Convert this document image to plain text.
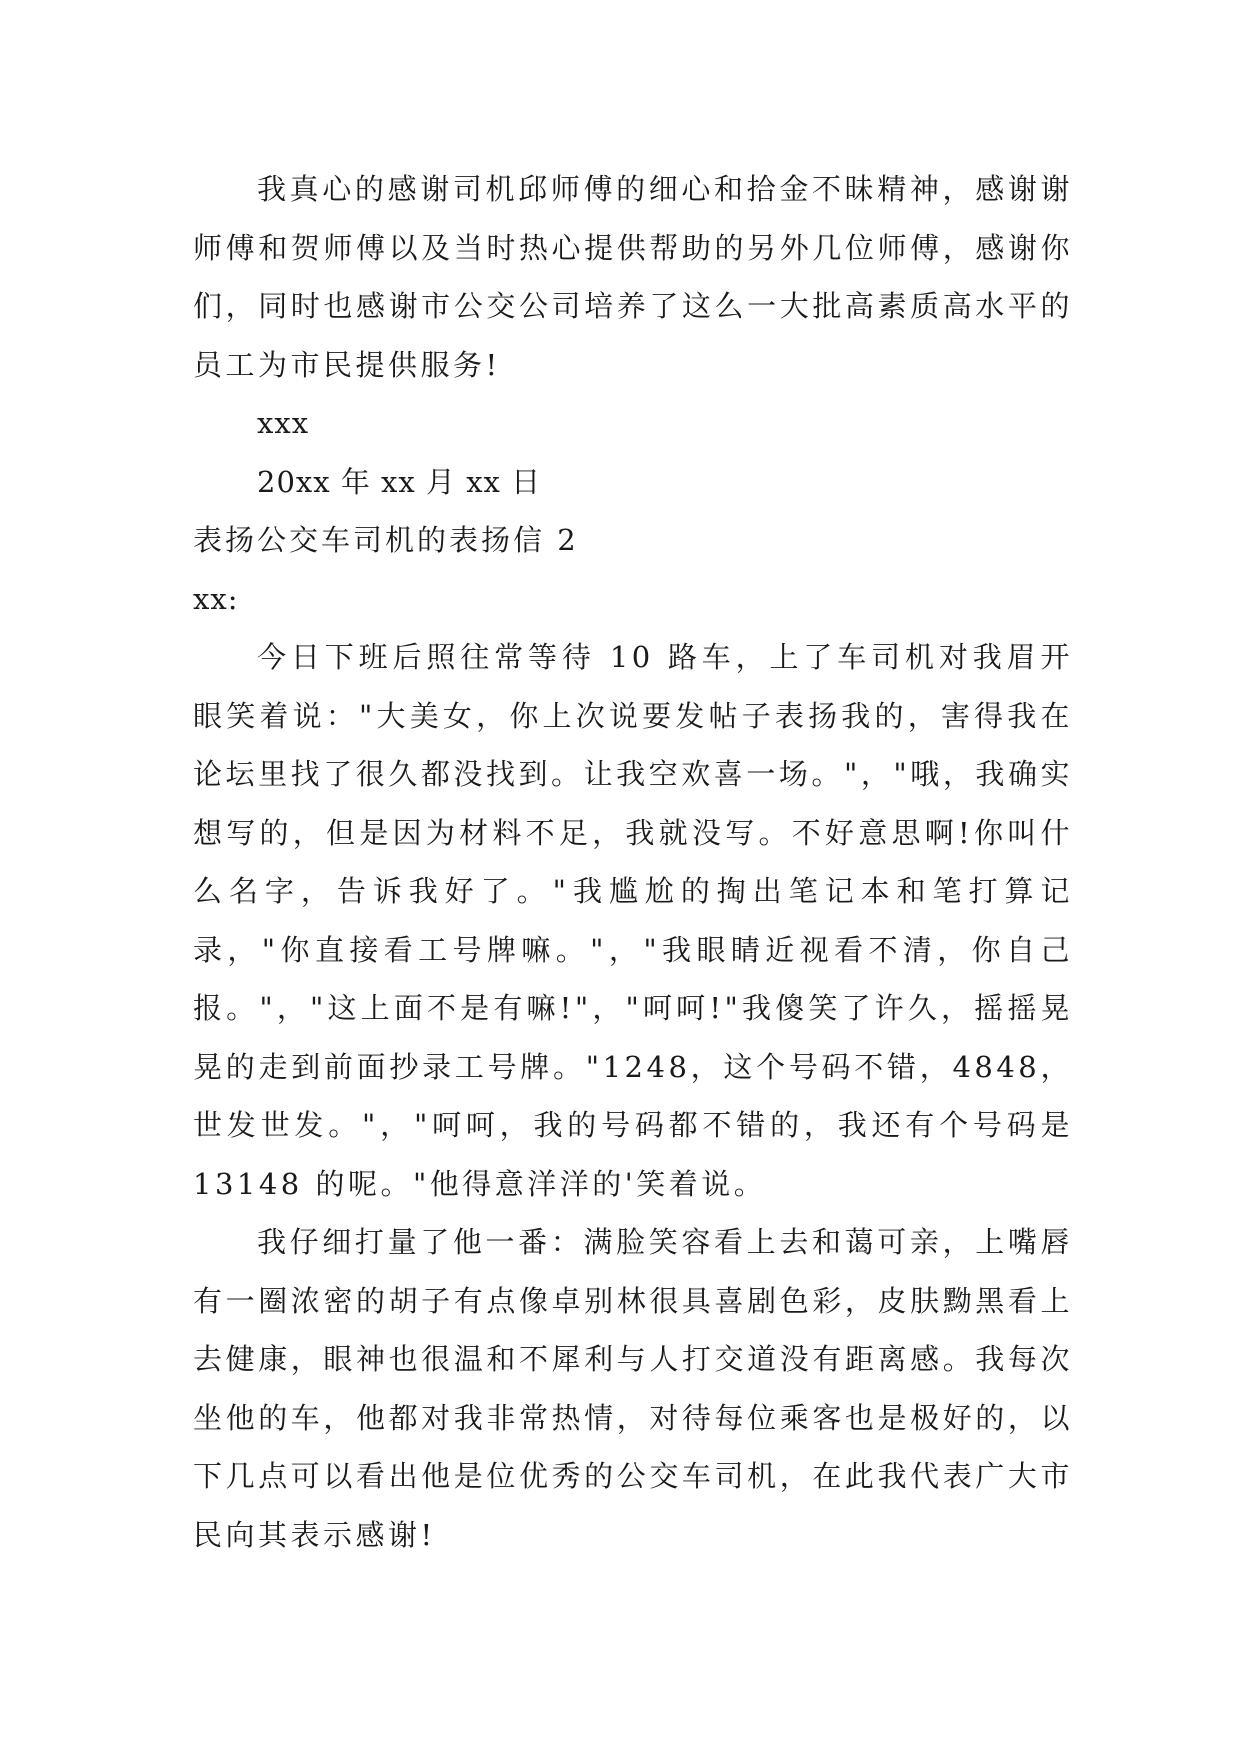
我真心的感谢司机邱师傅的细心和拾金不昧精神，感谢谢师傅和贺师傅以及当时热心提供帮助的另外几位师傅，感谢你们，同时也感谢市公交公司培养了这么一大批高素质高水平的员工为市民提供服务!

xxx

20xx 年 xx 月 xx 日

表扬公交车司机的表扬信 2

xx:

今日下班后照往常等待 10 路车，上了车司机对我眉开眼笑着说："大美女，你上次说要发帖子表扬我的，害得我在论坛里找了很久都没找到。让我空欢喜一场。"，"哦，我确实想写的，但是因为材料不足，我就没写。不好意思啊!你叫什么名字，告诉我好了。"我尴尬的掏出笔记本和笔打算记录，"你直接看工号牌嘛。"，"我眼睛近视看不清，你自己报。"，"这上面不是有嘛!"，"呵呵!"我傻笑了许久，摇摇晃晃的走到前面抄录工号牌。"1248，这个号码不错，4848，世发世发。"，"呵呵，我的号码都不错的，我还有个号码是 13148 的呢。"他得意洋洋的'笑着说。

我仔细打量了他一番：满脸笑容看上去和蔼可亲，上嘴唇有一圈浓密的胡子有点像卓别林很具喜剧色彩，皮肤黝黑看上去健康，眼神也很温和不犀利与人打交道没有距离感。我每次坐他的车，他都对我非常热情，对待每位乘客也是极好的，以下几点可以看出他是位优秀的公交车司机，在此我代表广大市民向其表示感谢!
